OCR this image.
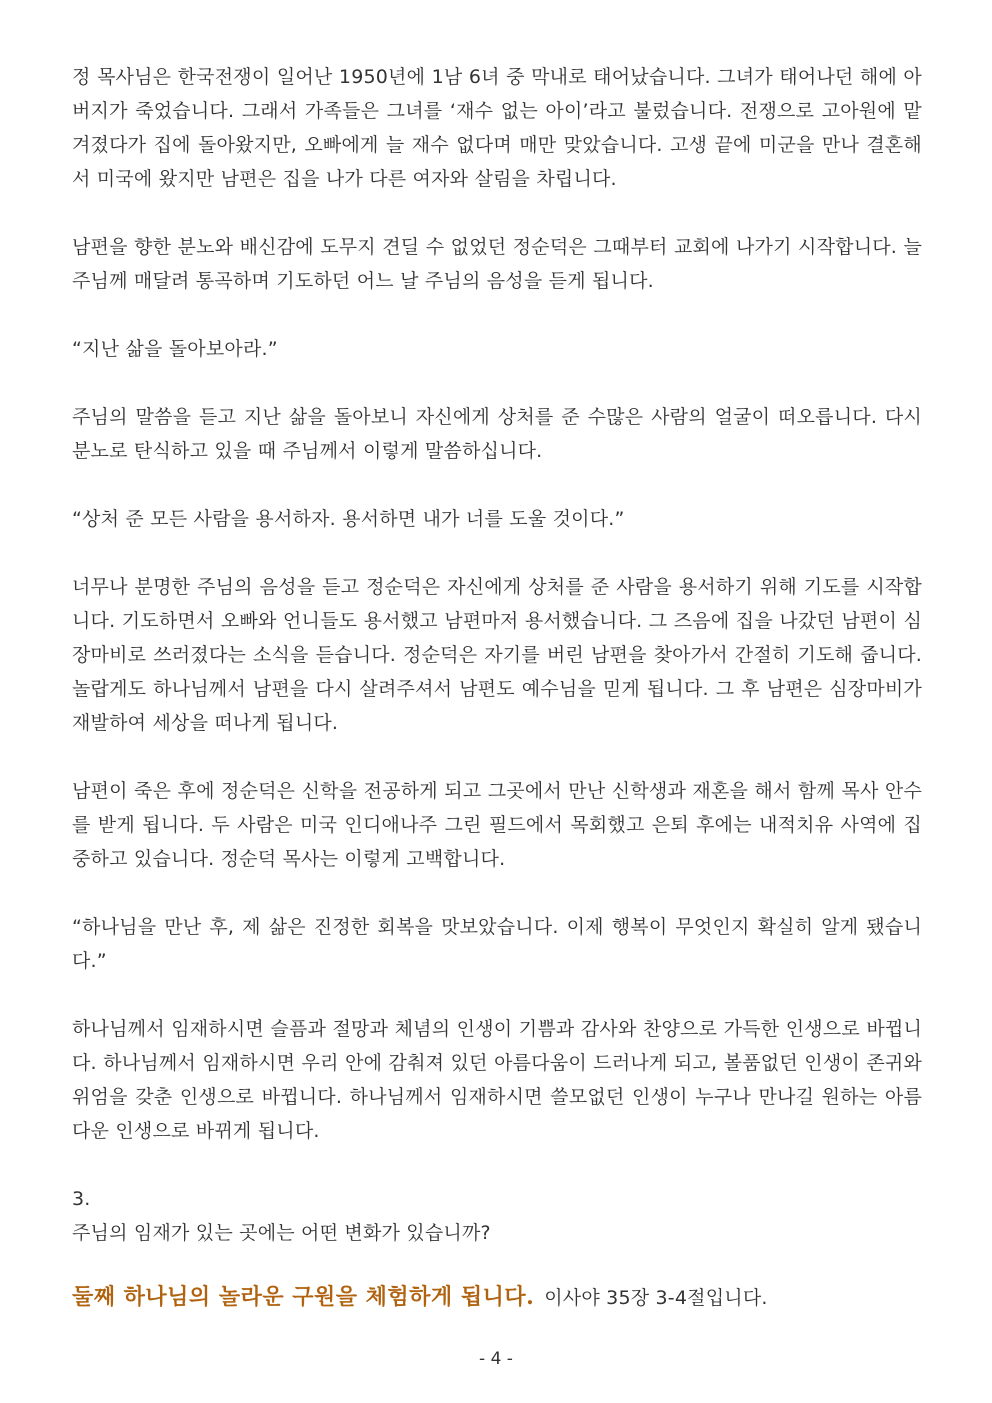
정 목사님은 한국전쟁이 일어난 1950년에 1남 6녀 중 막내로 태어났습니다. 그녀가 태어나던 해에 아버지가 죽었습니다. 그래서 가족들은 그녀를 ‘재수 없는 아이’라고 불렀습니다. 전쟁으로 고아원에 맡겨졌다가 집에 돌아왔지만, 오빠에게 늘 재수 없다며 매만 맞았습니다. 고생 끝에 미군을 만나 결혼해서 미국에 왔지만 남편은 집을 나가 다른 여자와 살림을 차립니다.

남편을 향한 분노와 배신감에 도무지 견딜 수 없었던 정순덕은 그때부터 교회에 나가기 시작합니다. 늘 주님께 매달려 통곡하며 기도하던 어느 날 주님의 음성을 듣게 됩니다.

“지난 삶을 돌아보아라.”

주님의 말씀을 듣고 지난 삶을 돌아보니 자신에게 상처를 준 수많은 사람의 얼굴이 떠오릅니다. 다시 분노로 탄식하고 있을 때 주님께서 이렇게 말씀하십니다.

“상처 준 모든 사람을 용서하자. 용서하면 내가 너를 도울 것이다.”

너무나 분명한 주님의 음성을 듣고 정순덕은 자신에게 상처를 준 사람을 용서하기 위해 기도를 시작합니다. 기도하면서 오빠와 언니들도 용서했고 남편마저 용서했습니다. 그 즈음에 집을 나갔던 남편이 심장마비로 쓰러졌다는 소식을 듣습니다. 정순덕은 자기를 버린 남편을 찾아가서 간절히 기도해 줍니다. 놀랍게도 하나님께서 남편을 다시 살려주셔서 남편도 예수님을 믿게 됩니다. 그 후 남편은 심장마비가 재발하여 세상을 떠나게 됩니다.

남편이 죽은 후에 정순덕은 신학을 전공하게 되고 그곳에서 만난 신학생과 재혼을 해서 함께 목사 안수를 받게 됩니다. 두 사람은 미국 인디애나주 그린 필드에서 목회했고 은퇴 후에는 내적치유 사역에 집중하고 있습니다. 정순덕 목사는 이렇게 고백합니다.

“하나님을 만난 후, 제 삶은 진정한 회복을 맛보았습니다. 이제 행복이 무엇인지 확실히 알게 됐습니다.”

하나님께서 임재하시면 슬픔과 절망과 체념의 인생이 기쁨과 감사와 찬양으로 가득한 인생으로 바뀝니다. 하나님께서 임재하시면 우리 안에 감춰져 있던 아름다움이 드러나게 되고, 볼품없던 인생이 존귀와 위엄을 갖춘 인생으로 바뀝니다. 하나님께서 임재하시면 쓸모없던 인생이 누구나 만나길 원하는 아름다운 인생으로 바뀌게 됩니다.

3.

주님의 임재가 있는 곳에는 어떤 변화가 있습니까?

둘째 하나님의 놀라운 구원을 체험하게 됩니다. 이사야 35장 3-4절입니다.

- 4 -
